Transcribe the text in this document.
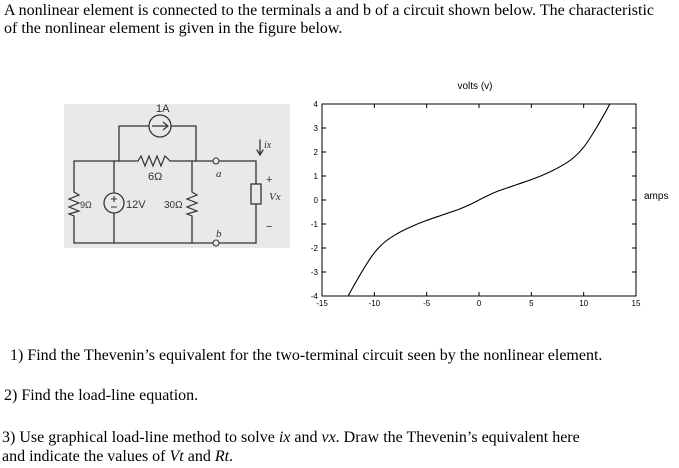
A nonlinear element is connected to the terminals a and b of a circuit shown below. The characteristic of the nonlinear element is given in the figure below.

1A
6Ω
9Ω	12V 30Ω
a
b
ix
+
−
Vx
volts (v)
amps
-15	-10	-5	0	5	10	15
4
3
2
1
0
-1
-2
-3
-4

1) Find the Thevenin’s equivalent for the two-terminal circuit seen by the nonlinear element.

2) Find the load-line equation.

3) Use graphical load-line method to solve ix and vx. Draw the Thevenin’s equivalent here
and indicate the values of Vt and Rt.
